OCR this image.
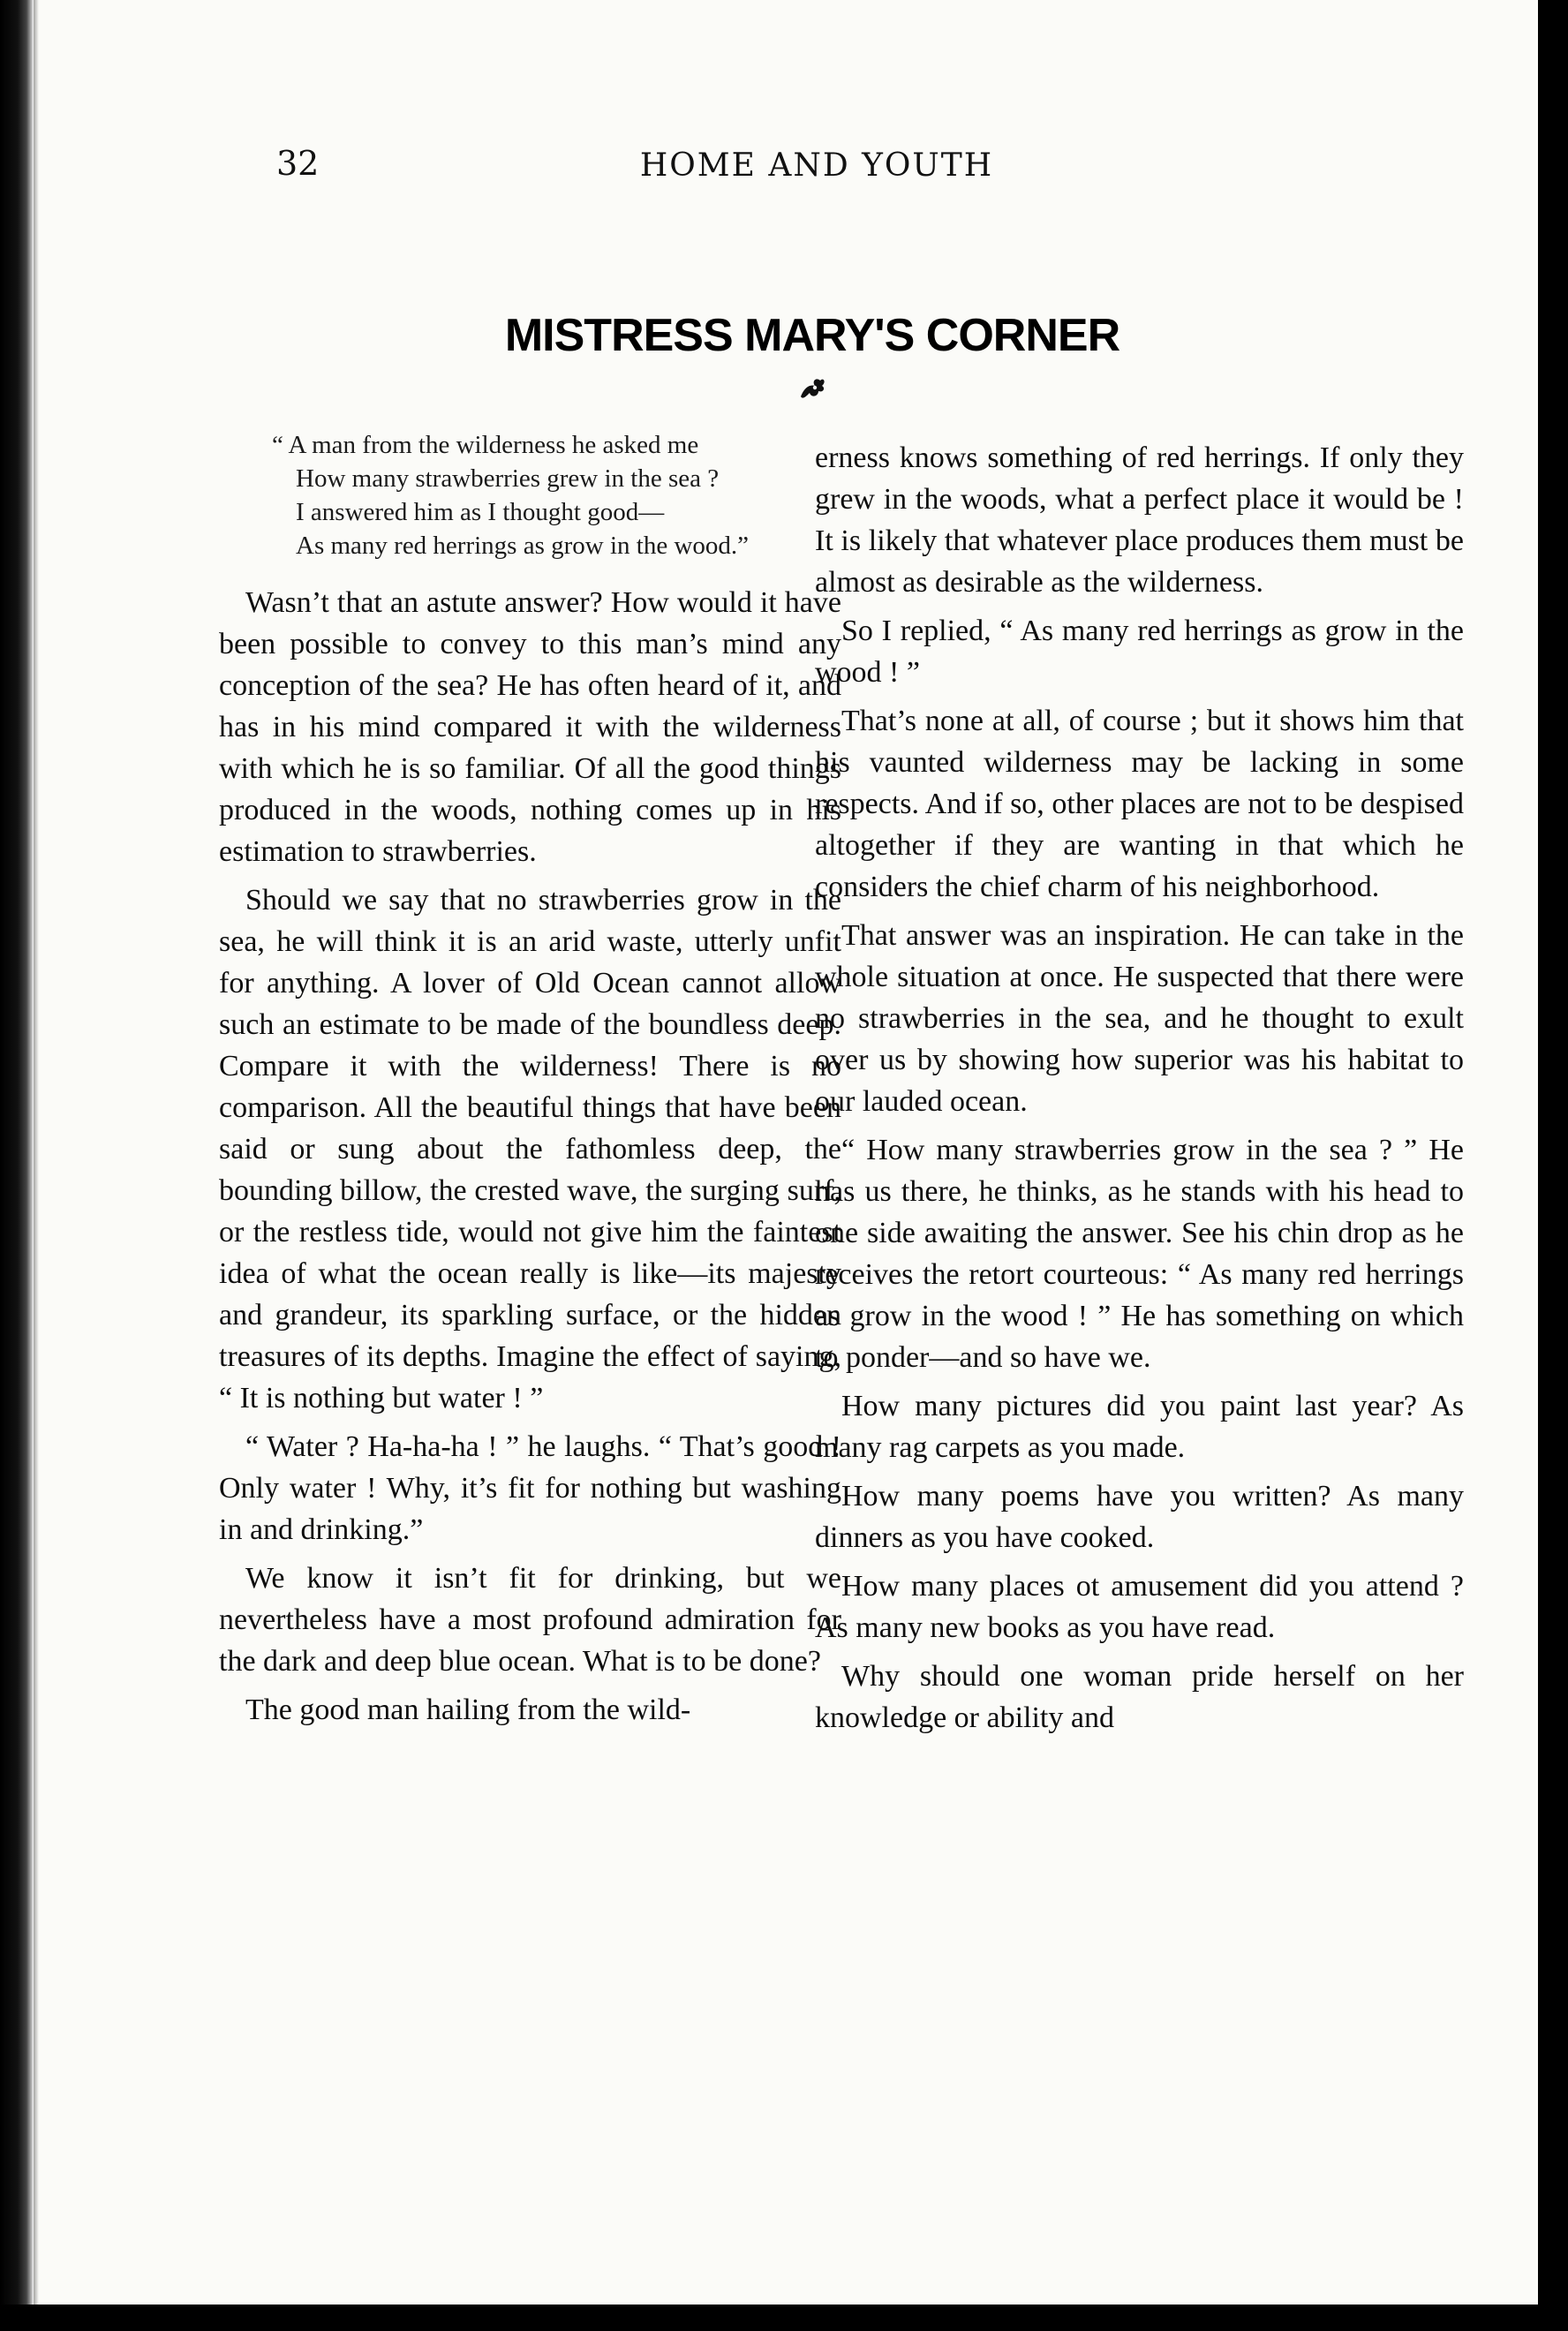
32	HOME AND YOUTH
MISTRESS MARY'S CORNER
“ A man from the wilderness he asked me
How many strawberries grew in the sea ?
I answered him as I thought good—
As many red herrings as grow in the wood.”

Wasn’t that an astute answer? How would it have been possible to convey to this man’s mind any conception of the sea? He has often heard of it, and has in his mind compared it with the wilderness with which he is so familiar. Of all the good things produced in the woods, nothing comes up in his estimation to strawberries.

Should we say that no strawberries grow in the sea, he will think it is an arid waste, utterly unfit for anything. A lover of Old Ocean cannot allow such an estimate to be made of the boundless deep. Compare it with the wilderness! There is no comparison. All the beautiful things that have been said or sung about the fathomless deep, the bounding billow, the crested wave, the surging surf, or the restless tide, would not give him the faintest idea of what the ocean really is like—its majesty and grandeur, its sparkling surface, or the hidden treasures of its depths. Imagine the effect of saying, “ It is nothing but water ! ”

“ Water ? Ha-ha-ha ! ” he laughs. “ That’s good ! Only water ! Why, it’s fit for nothing but washing in and drinking.”

We know it isn’t fit for drinking, but we nevertheless have a most profound admiration for the dark and deep blue ocean. What is to be done?

The good man hailing from the wild-

erness knows something of red herrings. If only they grew in the woods, what a perfect place it would be ! It is likely that whatever place produces them must be almost as desirable as the wilderness.

So I replied, “ As many red herrings as grow in the wood ! ”

That’s none at all, of course ; but it shows him that his vaunted wilderness may be lacking in some respects. And if so, other places are not to be despised altogether if they are wanting in that which he considers the chief charm of his neighborhood.

That answer was an inspiration. He can take in the whole situation at once. He suspected that there were no strawberries in the sea, and he thought to exult over us by showing how superior was his habitat to our lauded ocean.

“ How many strawberries grow in the sea ? ” He has us there, he thinks, as he stands with his head to one side awaiting the answer. See his chin drop as he receives the retort courteous: “ As many red herrings as grow in the wood ! ” He has something on which to ponder—and so have we.

How many pictures did you paint last year? As many rag carpets as you made.

How many poems have you written? As many dinners as you have cooked.

How many places ot amusement did you attend ? As many new books as you have read.

Why should one woman pride herself on her knowledge or ability and
